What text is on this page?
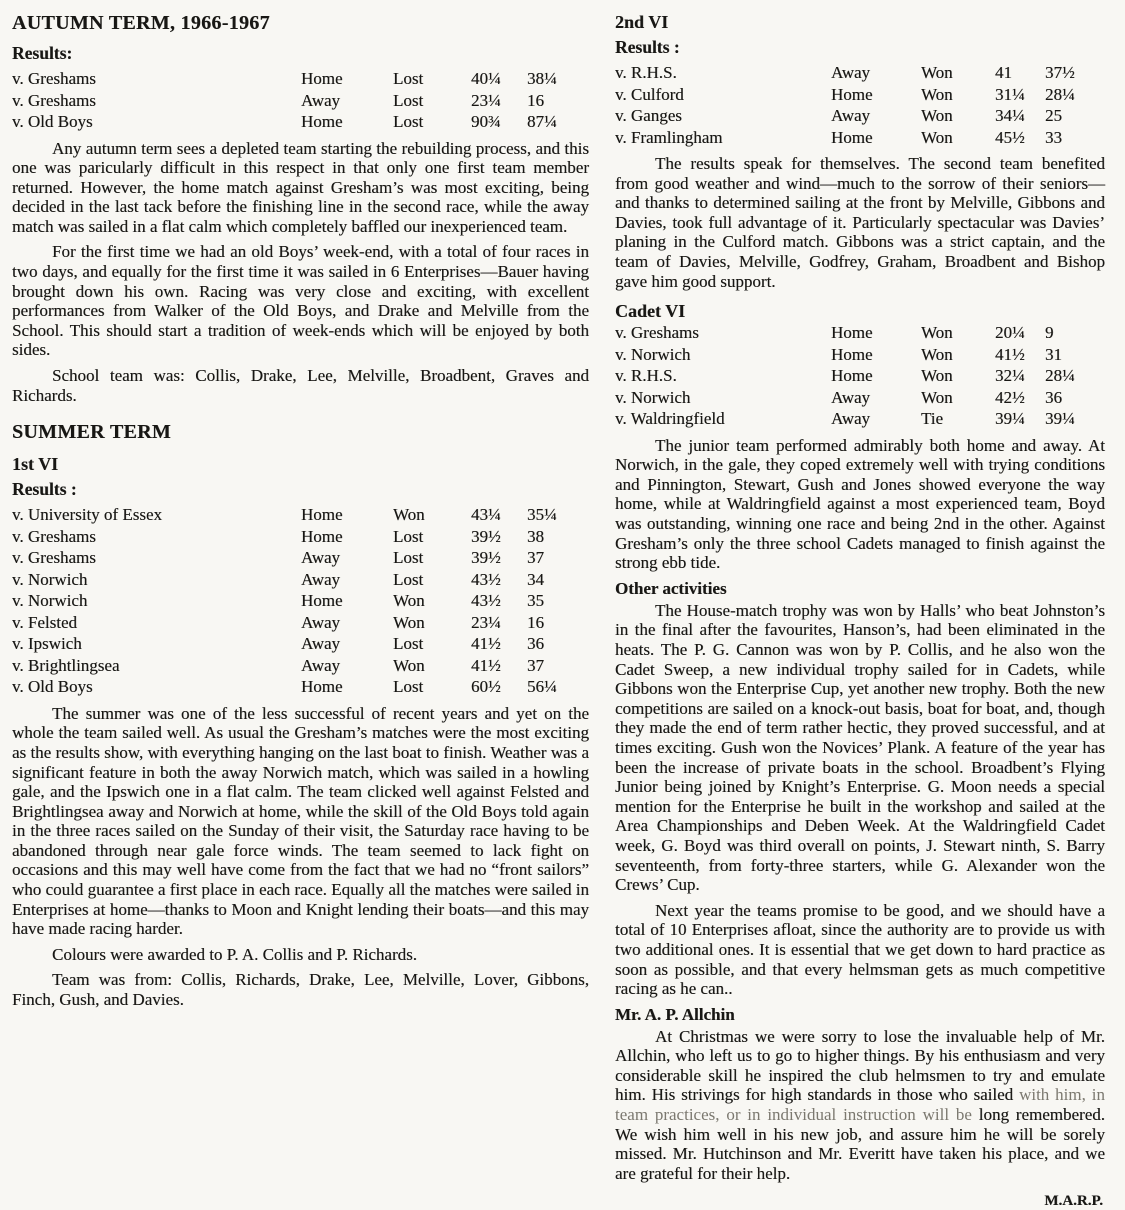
AUTUMN TERM, 1966-1967
Results:
v. Greshams	Home	Lost	40¼	38¼
v. Greshams	Away	Lost	23¼	16
v. Old Boys	Home	Lost	90¾	87¼

Any autumn term sees a depleted team starting the rebuilding process, and this one was paricularly difficult in this respect in that only one first team member returned. However, the home match against Gresham’s was most exciting, being decided in the last tack before the finishing line in the second race, while the away match was sailed in a flat calm which completely baffled our inexperienced team.

For the first time we had an old Boys’ week-end, with a total of four races in two days, and equally for the first time it was sailed in 6 Enterprises—Bauer having brought down his own. Racing was very close and exciting, with excellent performances from Walker of the Old Boys, and Drake and Melville from the School. This should start a tradition of week-ends which will be enjoyed by both sides.

School team was: Collis, Drake, Lee, Melville, Broadbent, Graves and Richards.

SUMMER TERM
1st VI
Results :
v. University of Essex	Home	Won	43¼	35¼
v. Greshams	Home	Lost	39½	38
v. Greshams	Away	Lost	39½	37
v. Norwich	Away	Lost	43½	34
v. Norwich	Home	Won	43½	35
v. Felsted	Away	Won	23¼	16
v. Ipswich	Away	Lost	41½	36
v. Brightlingsea	Away	Won	41½	37
v. Old Boys	Home	Lost	60½	56¼

The summer was one of the less successful of recent years and yet on the whole the team sailed well. As usual the Gresham’s matches were the most exciting as the results show, with everything hanging on the last boat to finish. Weather was a significant feature in both the away Norwich match, which was sailed in a howling gale, and the Ipswich one in a flat calm. The team clicked well against Felsted and Brightlingsea away and Norwich at home, while the skill of the Old Boys told again in the three races sailed on the Sunday of their visit, the Saturday race having to be abandoned through near gale force winds. The team seemed to lack fight on occasions and this may well have come from the fact that we had no “front sailors” who could guarantee a first place in each race. Equally all the matches were sailed in Enterprises at home—thanks to Moon and Knight lending their boats—and this may have made racing harder.

Colours were awarded to P. A. Collis and P. Richards.

Team was from: Collis, Richards, Drake, Lee, Melville, Lover, Gibbons, Finch, Gush, and Davies.

2nd VI
Results :
v. R.H.S.	Away	Won	41	37½
v. Culford	Home	Won	31¼	28¼
v. Ganges	Away	Won	34¼	25
v. Framlingham	Home	Won	45½	33

The results speak for themselves. The second team benefited from good weather and wind—much to the sorrow of their seniors—and thanks to determined sailing at the front by Melville, Gibbons and Davies, took full advantage of it. Particularly spectacular was Davies’ planing in the Culford match. Gibbons was a strict captain, and the team of Davies, Melville, Godfrey, Graham, Broadbent and Bishop gave him good support.

Cadet VI
v. Greshams	Home	Won	20¼	9
v. Norwich	Home	Won	41½	31
v. R.H.S.	Home	Won	32¼	28¼
v. Norwich	Away	Won	42½	36
v. Waldringfield	Away	Tie	39¼	39¼

The junior team performed admirably both home and away. At Norwich, in the gale, they coped extremely well with trying conditions and Pinnington, Stewart, Gush and Jones showed everyone the way home, while at Waldringfield against a most experienced team, Boyd was outstanding, winning one race and being 2nd in the other. Against Gresham’s only the three school Cadets managed to finish against the strong ebb tide.

Other activities

The House-match trophy was won by Halls’ who beat Johnston’s in the final after the favourites, Hanson’s, had been eliminated in the heats. The P. G. Cannon was won by P. Collis, and he also won the Cadet Sweep, a new individual trophy sailed for in Cadets, while Gibbons won the Enterprise Cup, yet another new trophy. Both the new competitions are sailed on a knock-out basis, boat for boat, and, though they made the end of term rather hectic, they proved successful, and at times exciting. Gush won the Novices’ Plank. A feature of the year has been the increase of private boats in the school. Broadbent’s Flying Junior being joined by Knight’s Enterprise. G. Moon needs a special mention for the Enterprise he built in the workshop and sailed at the Area Championships and Deben Week. At the Waldringfield Cadet week, G. Boyd was third overall on points, J. Stewart ninth, S. Barry seventeenth, from forty-three starters, while G. Alexander won the Crews’ Cup.

Next year the teams promise to be good, and we should have a total of 10 Enterprises afloat, since the authority are to provide us with two additional ones. It is essential that we get down to hard practice as soon as possible, and that every helmsman gets as much competitive racing as he can..

Mr. A. P. Allchin

At Christmas we were sorry to lose the invaluable help of Mr. Allchin, who left us to go to higher things. By his enthusiasm and very considerable skill he inspired the club helmsmen to try and emulate him. His strivings for high standards in those who sailed with him, in team practices, or in individual instruction will be long remembered. We wish him well in his new job, and assure him he will be sorely missed. Mr. Hutchinson and Mr. Everitt have taken his place, and we are grateful for their help.

M.A.R.P.
